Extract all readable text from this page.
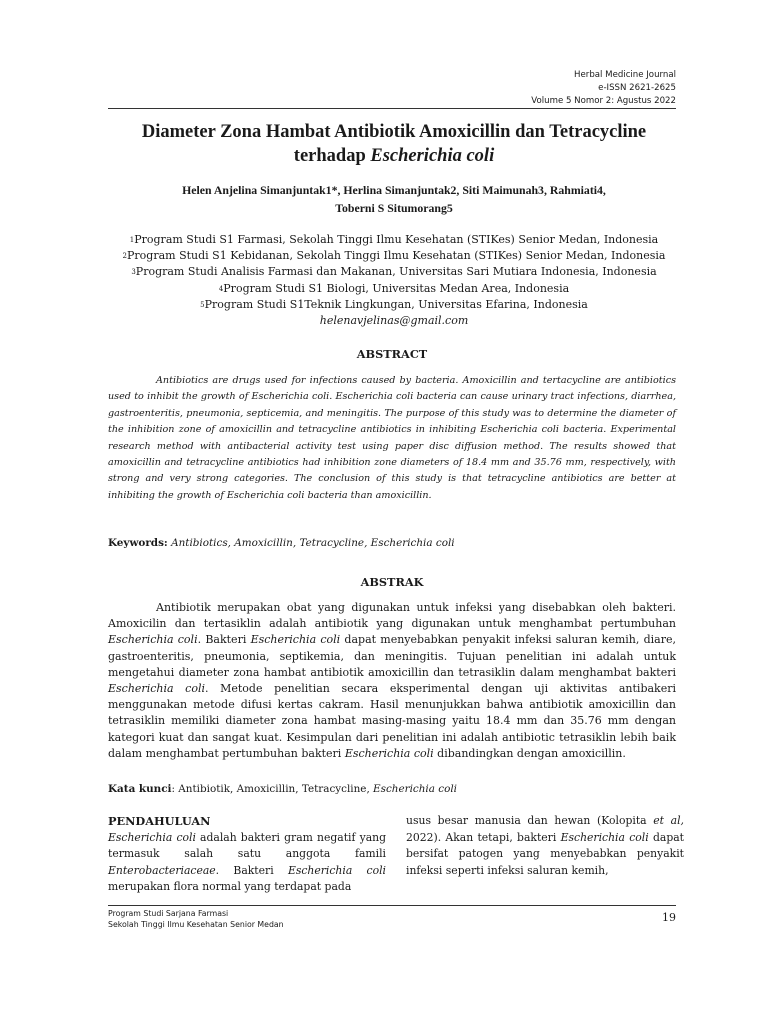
Herbal Medicine Journal
e-ISSN 2621-2625
Volume 5 Nomor 2: Agustus 2022
Diameter Zona Hambat Antibiotik Amoxicillin dan Tetracycline
terhadap Escherichia coli
Helen Anjelina Simanjuntak1*, Herlina Simanjuntak2, Siti Maimunah3, Rahmiati4,
Toberni S Situmorang5
$^1$Program Studi S1 Farmasi, Sekolah Tinggi Ilmu Kesehatan (STIKes) Senior Medan, Indonesia
$^2$Program Studi S1 Kebidanan, Sekolah Tinggi Ilmu Kesehatan (STIKes) Senior Medan, Indonesia
$^3$Program Studi Analisis Farmasi dan Makanan, Universitas Sari Mutiara Indonesia, Indonesia
$^4$Program Studi S1 Biologi, Universitas Medan Area, Indonesia
$^5$Program Studi S1Teknik Lingkungan, Universitas Efarina, Indonesia
helenavjelinas@gmail.com
ABSTRACT
Antibiotics are drugs used for infections caused by bacteria. Amoxicillin and tertacycline are antibiotics used to inhibit the growth of Escherichia coli. Escherichia coli bacteria can cause urinary tract infections, diarrhea, gastroenteritis, pneumonia, septicemia, and meningitis. The purpose of this study was to determine the diameter of the inhibition zone of amoxicillin and tetracycline antibiotics in inhibiting Escherichia coli bacteria. Experimental research method with antibacterial activity test using paper disc diffusion method. The results showed that amoxicillin and tetracycline antibiotics had inhibition zone diameters of 18.4 mm and 35.76 mm, respectively, with strong and very strong categories. The conclusion of this study is that tetracycline antibiotics are better at inhibiting the growth of Escherichia coli bacteria than amoxicillin.
Keywords: Antibiotics, Amoxicillin, Tetracycline, Escherichia coli
ABSTRAK
Antibiotik merupakan obat yang digunakan untuk infeksi yang disebabkan oleh bakteri. Amoxicilin dan tertasiklin adalah antibiotik yang digunakan untuk menghambat pertumbuhan Escherichia coli. Bakteri Escherichia coli dapat menyebabkan penyakit infeksi saluran kemih, diare, gastroenteritis, pneumonia, septikemia, dan meningitis. Tujuan penelitian ini adalah untuk mengetahui diameter zona hambat antibiotik amoxicillin dan tetrasiklin dalam menghambat bakteri Escherichia coli. Metode penelitian secara eksperimental dengan uji aktivitas antibakeri menggunakan metode difusi kertas cakram. Hasil menunjukkan bahwa antibiotik amoxicillin dan tetrasiklin memiliki diameter zona hambat masing-masing yaitu 18.4 mm dan 35.76 mm dengan kategori kuat dan sangat kuat. Kesimpulan dari penelitian ini adalah antibiotic tetrasiklin lebih baik dalam menghambat pertumbuhan bakteri Escherichia coli dibandingkan dengan amoxicillin.
Kata kunci: Antibiotik, Amoxicillin, Tetracycline, Escherichia coli
PENDAHULUAN
Escherichia coli adalah bakteri gram negatif yang termasuk salah satu anggota famili Enterobacteriaceae. Bakteri Escherichia coli merupakan flora normal yang terdapat pada
usus besar manusia dan hewan (Kolopita et al, 2022). Akan tetapi, bakteri Escherichia coli dapat bersifat patogen yang menyebabkan penyakit infeksi seperti infeksi saluran kemih,
Program Studi Sarjana Farmasi
Sekolah Tinggi Ilmu Kesehatan Senior Medan	19
